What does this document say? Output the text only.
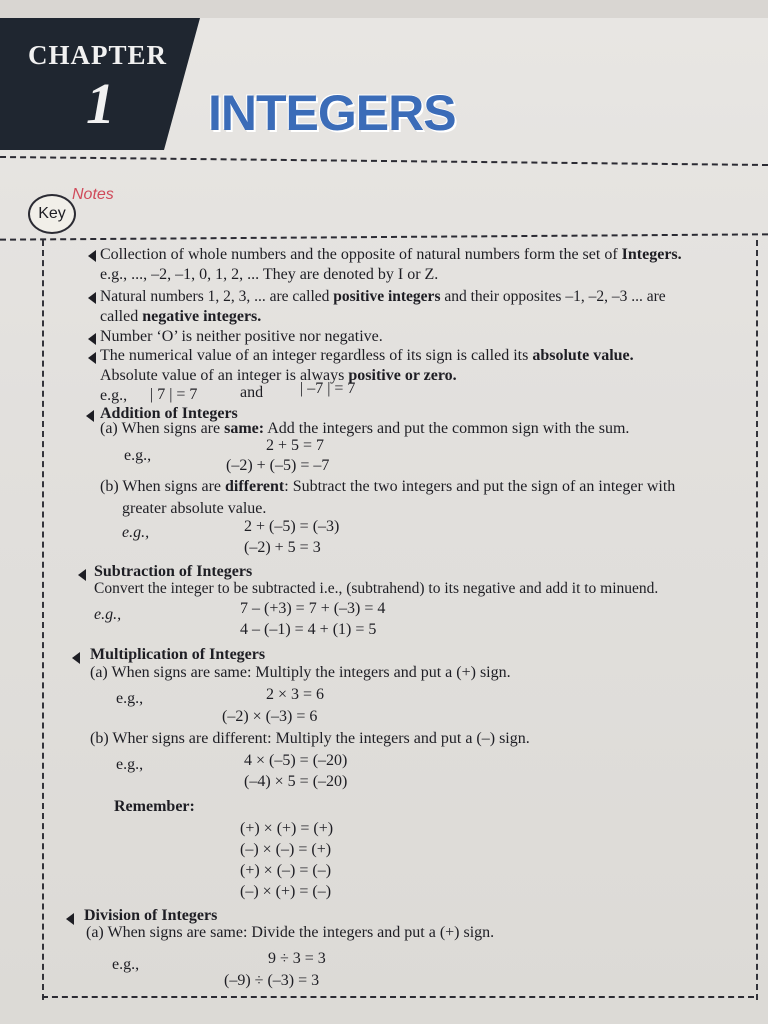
CHAPTER
1 INTEGERS
Key
Notes
Collection of whole numbers and the opposite of natural numbers form the set of Integers.
e.g., ..., –2, –1, 0, 1, 2, ... They are denoted by I or Z.
Natural numbers 1, 2, 3, ... are called positive integers and their opposites –1, –2, –3 ... are
called negative integers.
Number ‘O’ is neither positive nor negative.
The numerical value of an integer regardless of its sign is called its absolute value.
Absolute value of an integer is always positive or zero.
e.g., | 7 | = 7	and | –7 | = 7
Addition of Integers
(a) When signs are same: Add the integers and put the common sign with the sum.
e.g.,
2 + 5 = 7
(–2) + (–5) = –7
(b) When signs are different: Subtract the two integers and put the sign of an integer with
greater absolute value.
e.g.,	2 + (–5) = (–3)
(–2) + 5 = 3
Subtraction of Integers
Convert the integer to be subtracted i.e., (subtrahend) to its negative and add it to minuend.
e.g.,	7 – (+3) = 7 + (–3) = 4
4 – (–1) = 4 + (1) = 5
Multiplication of Integers
(a) When signs are same: Multiply the integers and put a (+) sign.
e.g.,	2 × 3 = 6
(–2) × (–3) = 6
(b) Wher signs are different: Multiply the integers and put a (–) sign.
e.g.,	4 × (–5) = (–20)
(–4) × 5 = (–20)
Remember:
(+) × (+) = (+)
(–) × (–) = (+)
(+) × (–) = (–)
(–) × (+) = (–)
Division of Integers
(a) When signs are same: Divide the integers and put a (+) sign.
e.g.,	9 ÷ 3 = 3
(–9) ÷ (–3) = 3
